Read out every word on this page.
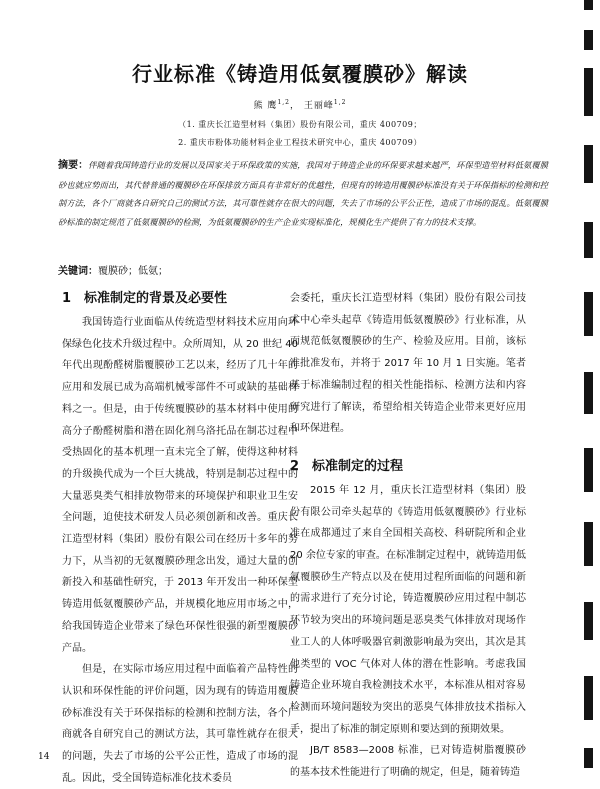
行业标准《铸造用低氨覆膜砂》解读
熊 鹰$^{1,2}$， 王丽峰$^{1,2}$
（1. 重庆长江造型材料（集团）股份有限公司，重庆 400709；
2. 重庆市粉体功能材料企业工程技术研究中心，重庆 400709）

摘要：伴随着我国铸造行业的发展以及国家关于环保政策的实施，我国对于铸造企业的环保要求越来越严，环保型造型材料低氨覆膜砂也就应势而出，其代替普通的覆膜砂在环保排放方面具有非常好的优越性，但现有的铸造用覆膜砂标准没有关于环保指标的检测和控制方法，各个厂商就各自研究自己的测试方法，其可靠性就存在很大的问题，失去了市场的公平公正性，造成了市场的混乱。低氨覆膜砂标准的制定规范了低氨覆膜砂的检测，为低氨覆膜砂的生产企业实现标准化，规模化生产提供了有力的技术支撑。

关键词：覆膜砂；低氨；
1 标准制定的背景及必要性

我国铸造行业面临从传统造型材料技术应用向环保绿色化技术升级过程中。众所周知，从 20 世纪 40 年代出现酚醛树脂覆膜砂工艺以来，经历了几十年的应用和发展已成为高端机械零部件不可或缺的基础材料之一。但是，由于传统覆膜砂的基本材料中使用的高分子酚醛树脂和潜在固化剂乌洛托品在制芯过程中受热固化的基本机理一直未完全了解，使得这种材料的升级换代成为一个巨大挑战，特别是制芯过程中的大量恶臭类气相排放物带来的环境保护和职业卫生安全问题，迫使技术研发人员必须创新和改善。重庆长江造型材料（集团）股份有限公司在经历十多年的努力下，从当初的无氨覆膜砂理念出发，通过大量的创新投入和基础性研究，于 2013 年开发出一种环保型铸造用低氨覆膜砂产品，并规模化地应用市场之中，给我国铸造企业带来了绿色环保性很强的新型覆膜砂产品。

但是，在实际市场应用过程中面临着产品特性的认识和环保性能的评价问题，因为现有的铸造用覆膜砂标准没有关于环保指标的检测和控制方法，各个厂商就各自研究自己的测试方法，其可靠性就存在很大的问题，失去了市场的公平公正性，造成了市场的混乱。因此，受全国铸造标准化技术委员

会委托，重庆长江造型材料（集团）股份有限公司技术中心牵头起草《铸造用低氨覆膜砂》行业标准，从而规范低氨覆膜砂的生产、检验及应用。目前，该标准批准发布，并将于 2017 年 10 月 1 日实施。笔者基于标准编制过程的相关性能指标、检测方法和内容研究进行了解读，希望给相关铸造企业带来更好应用和环保进程。

2 标准制定的过程

2015 年 12 月，重庆长江造型材料（集团）股份有限公司牵头起草的《铸造用低氨覆膜砂》行业标准在成都通过了来自全国相关高校、科研院所和企业 20 余位专家的审查。在标准制定过程中，就铸造用低氨覆膜砂生产特点以及在使用过程所面临的问题和新的需求进行了充分讨论，铸造覆膜砂应用过程中制芯环节较为突出的环境问题是恶臭类气体排放对现场作业工人的人体呼吸器官刺激影响最为突出，其次是其他类型的 VOC 气体对人体的潜在性影响。考虑我国铸造企业环境自我检测技术水平，本标准从相对容易检测而环境问题较为突出的恶臭气体排放技术指标入手，提出了标准的制定原则和要达到的预期效果。

JB/T 8583—2008 标准，已对铸造树脂覆膜砂的基本技术性能进行了明确的规定，但是，随着铸造

14
